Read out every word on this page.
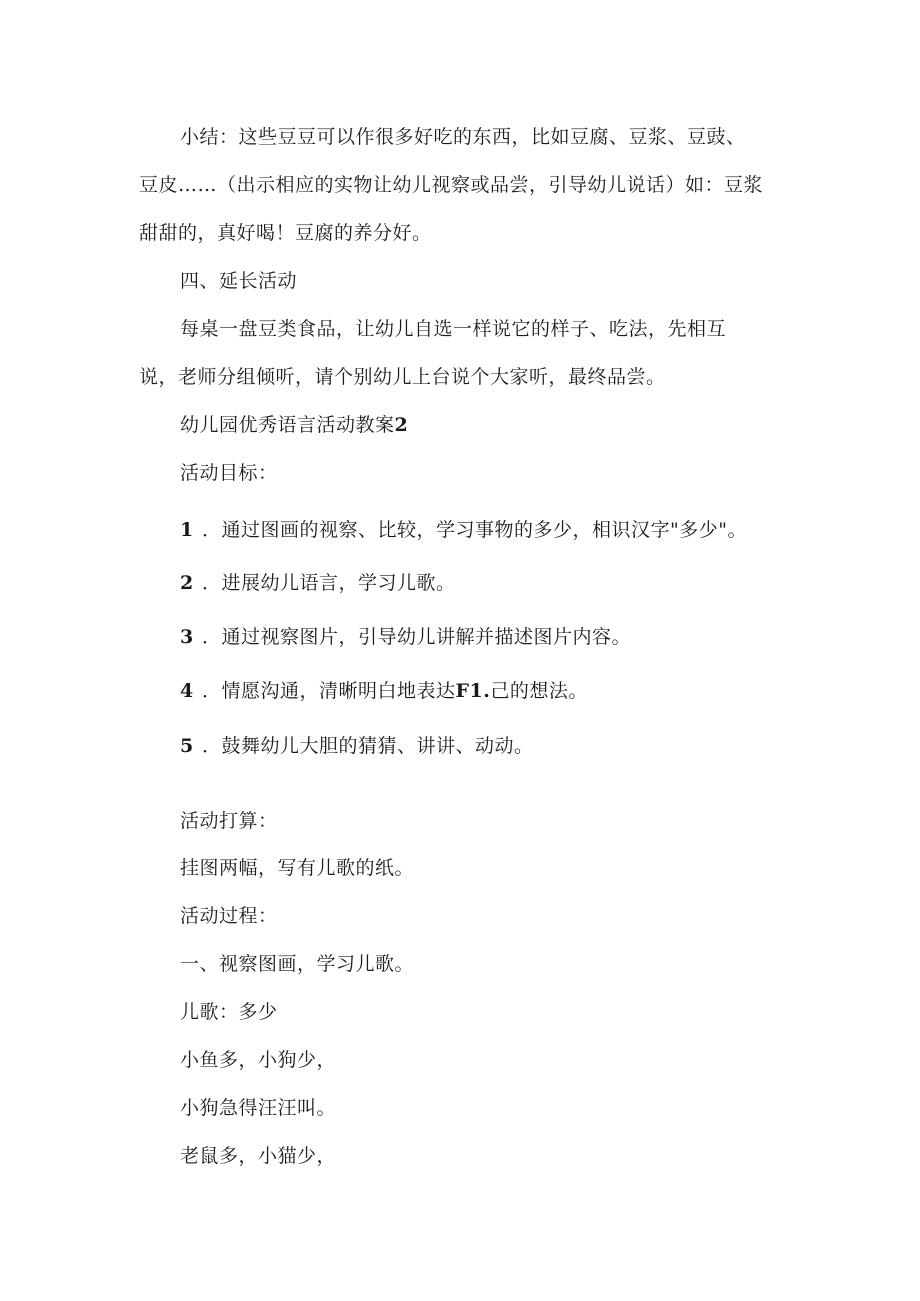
小结：这些豆豆可以作很多好吃的东西，比如豆腐、豆浆、豆豉、
豆皮……（出示相应的实物让幼儿视察或品尝，引导幼儿说话）如：豆浆
甜甜的，真好喝！豆腐的养分好。
四、延长活动
每桌一盘豆类食品，让幼儿自选一样说它的样子、吃法，先相互
说，老师分组倾听，请个别幼儿上台说个大家听，最终品尝。
幼儿园优秀语言活动教案2
活动目标：
1 ．通过图画的视察、比较，学习事物的多少，相识汉字"多少"。
2 ．进展幼儿语言，学习儿歌。
3 ．通过视察图片，引导幼儿讲解并描述图片内容。
4 ．情愿沟通，清晰明白地表达F1.己的想法。
5 ．鼓舞幼儿大胆的猜猜、讲讲、动动。
活动打算：
挂图两幅，写有儿歌的纸。
活动过程：
一、视察图画，学习儿歌。
儿歌：多少
小鱼多，小狗少，
小狗急得汪汪叫。
老鼠多，小猫少，
